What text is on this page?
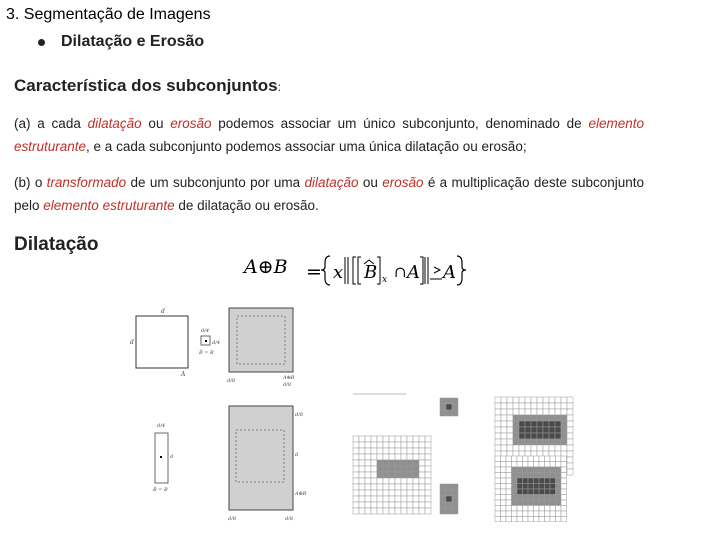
3. Segmentação de Imagens
Dilatação e Erosão
Característica dos subconjuntos:
(a) a cada dilatação ou erosão podemos associar um único subconjunto, denominado de elemento estruturante, e a cada subconjunto podemos associar uma única dilatação ou erosão;
(b) o transformado de um subconjunto por uma dilatação ou erosão é a multiplicação deste subconjunto pelo elemento estruturante de dilatação ou erosão.
Dilatação
A⊕B = x B x ∩ A A
d
d
A
d/4
d/4
B̂ = B
A⊕B
d/8
d/8
d/4
d
B̂ = B
d/8
d
A⊕B
d/8	d/8
